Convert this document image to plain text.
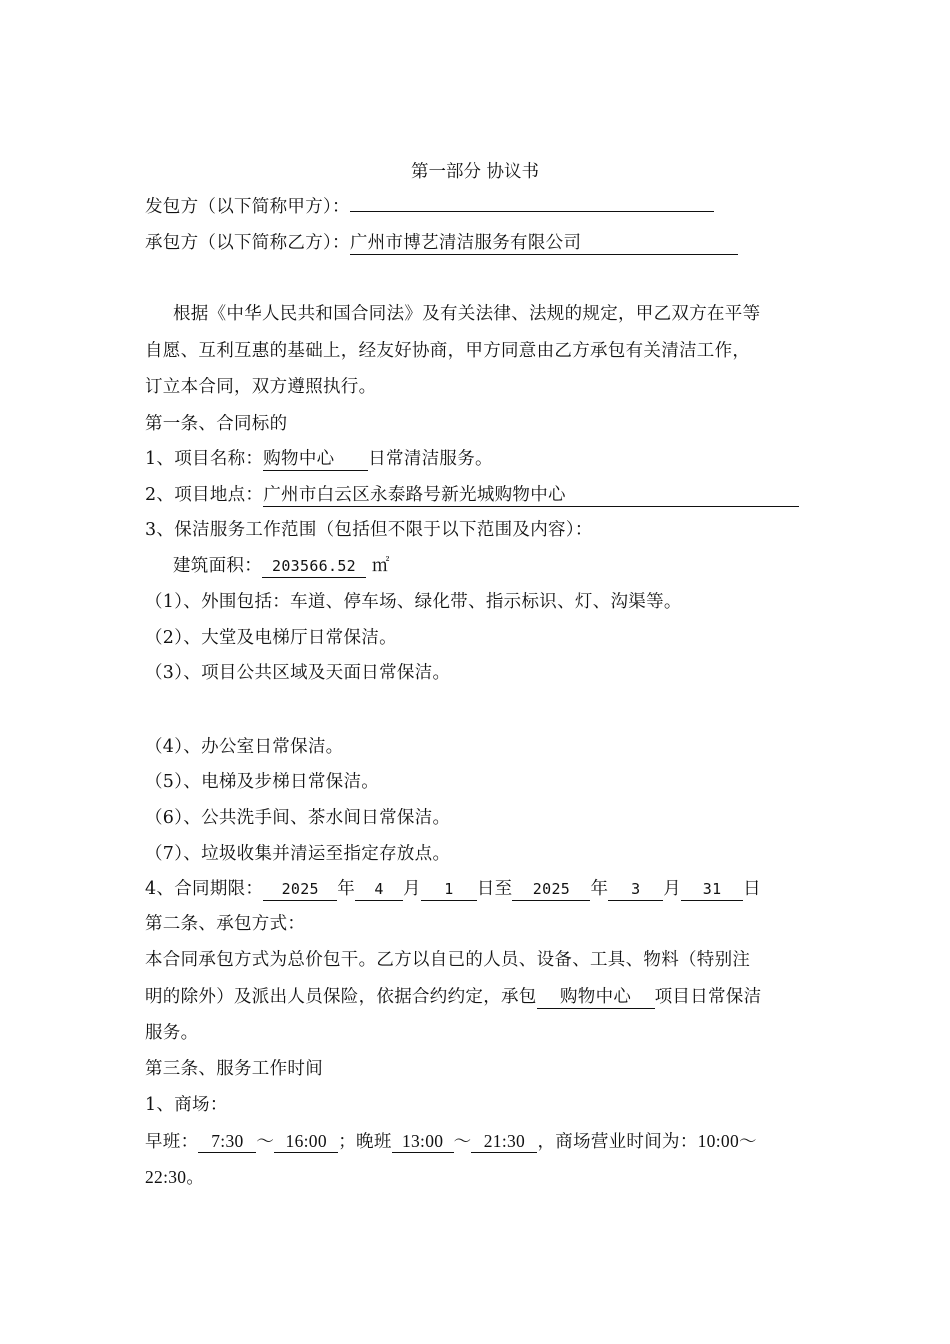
第一部分 协议书
发包方（以下简称甲方）：
承包方（以下简称乙方）：广州市博艺清洁服务有限公司
根据《中华人民共和国合同法》及有关法律、法规的规定，甲乙双方在平等
自愿、互利互惠的基础上，经友好协商，甲方同意由乙方承包有关清洁工作，
订立本合同，双方遵照执行。
第一条、合同标的
1、项目名称：购物中心 日常清洁服务。
2、项目地点：广州市白云区永泰路号新光城购物中心
3、保洁服务工作范围（包括但不限于以下范围及内容）：
建筑面积： 203566.52 ㎡
（1）、外围包括：车道、停车场、绿化带、指示标识、灯、沟渠等。
（2）、大堂及电梯厅日常保洁。
（3）、项目公共区域及天面日常保洁。
（4）、办公室日常保洁。
（5）、电梯及步梯日常保洁。
（6）、公共洗手间、茶水间日常保洁。
（7）、垃圾收集并清运至指定存放点。
4、合同期限： 2025 年 4 月 1 日至 2025 年 3 月 31 日
第二条、承包方式：
本合同承包方式为总价包干。乙方以自已的人员、设备、工具、物料（特别注
明的除外）及派出人员保险，依据合约约定，承包 购物中心 项目日常保洁
服务。
第三条、服务工作时间
1、商场：
早班： 7:30 ～ 16:00 ；晚班 13:00 ～ 21:30 ，商场营业时间为：10:00～
22:30。
